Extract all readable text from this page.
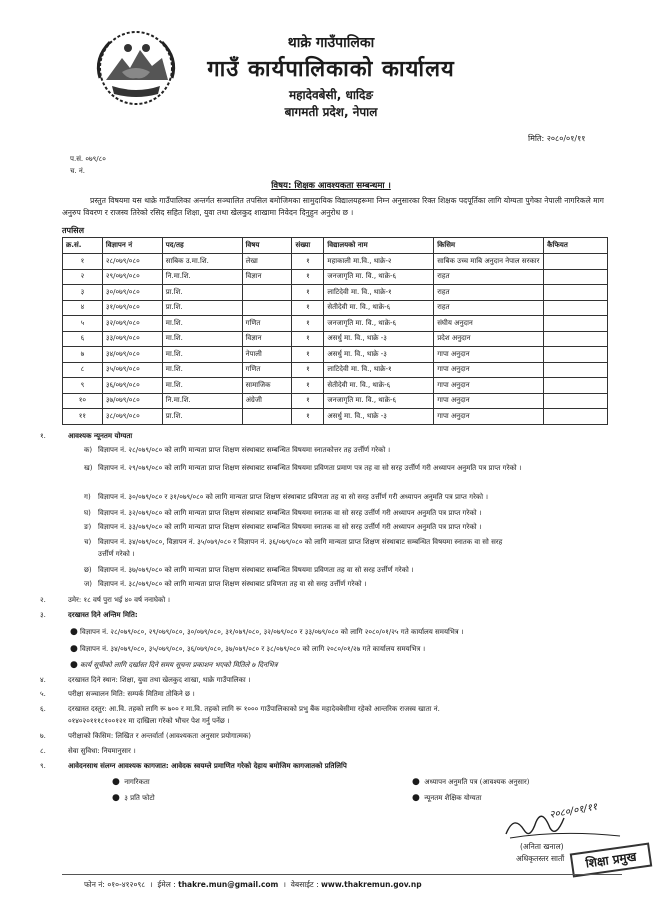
थाक्रे गाउँपालिका
गाउँ कार्यपालिकाको कार्यालय
महादेवबेसी, धादिङ
बागमती प्रदेश, नेपाल
मिति: २०८०/०१/११
प.सं. ०७९/८०
च. नं.
विषय: शिक्षक आवश्यकता सम्बन्धमा ।
प्रस्तुत विषयमा यस थाक्रे गाउँपालिका अन्तर्गत सञ्चालित तपसिल बमोजिमका सामुदायिक विद्यालयहरूमा निम्न अनुसारका रिक्त शिक्षक पदपूर्तिका लागि योग्यता पुगेका नेपाली नागरिकले माग अनुरुप विवरण र राजस्व तिरेको रसिद सहित शिक्षा, युवा तथा खेलकुद शाखामा निवेदन दिनुहुन अनुरोध छ ।
तपसिल
क्र.सं.	विज्ञापन नं	पद/तह	विषय	संख्या	विद्यालयको नाम	किसिम	कैफियत
१	२८/०७९/०८०	साबिक उ.मा.शि.	लेखा	१	महाकाली मा.वि., थाक्रे-२	साबिक उच्च माबि अनुदान नेपाल सरकार	
२	२९/०७९/०८०	नि.मा.शि.	विज्ञान	१	जनजागृति मा. वि., थाक्रे-६	राहत	
३	३०/०७९/०८०	प्रा.शि.		१	लाटिदेवी मा. वि., थाक्रे-१	राहत	
४	३१/०७९/०८०	प्रा.शि.		१	सेतीदेवी मा. वि., थाक्रे-६	राहत	
५	३२/०७९/०८०	मा.शि.	गणित	१	जनजागृति मा. वि., थाक्रे-६	संघीय अनुदान	
६	३३/०७९/०८०	मा.शि.	विज्ञान	१	असर्धु मा. वि., थाक्रे -३	प्रदेश अनुदान	
७	३४/०७९/०८०	मा.शि.	नेपाली	१	असर्धु मा. वि., थाक्रे -३	गापा अनुदान	
८	३५/०७९/०८०	मा.शि.	गणित	१	लाटिदेवी मा. वि., थाक्रे-१	गापा अनुदान	
९	३६/०७९/०८०	मा.शि.	सामाजिक	१	सेतीदेवी मा. वि., थाक्रे-६	गापा अनुदान	
१०	३७/०७९/०८०	नि.मा.शि.	अंग्रेजी	१	जनजागृति मा. वि., थाक्रे-६	गापा अनुदान	
११	३८/०७९/०८०	प्रा.शि.		१	असर्धु मा. वि., थाक्रे -३	गापा अनुदान	
१.	आवश्यक न्यूनतम योग्यता
क) विज्ञापन नं. २८/०७९/०८० को लागि मान्यता प्राप्त शिक्षण संस्थाबाट सम्बन्धित विषयमा स्नातकोत्तर तह उर्त्तीर्ण गरेको ।
ख) विज्ञापन नं. २९/०७९/०८० को लागि मान्यता प्राप्त शिक्षण संस्थाबाट सम्बन्धित विषयमा प्रविणता प्रमाण पत्र तह वा सो सरह उर्त्तीर्ण गरी अध्यापन अनुमति पत्र प्राप्त गरेको ।
ग) विज्ञापन नं. ३०/०७९/०८० र ३१/०७९/०८० को लागि मान्यता प्राप्त शिक्षण संस्थाबाट प्रविणता तह वा सो सरह उर्त्तीर्ण गरी अध्यापन अनुमति पत्र प्राप्त गरेको ।
घ) विज्ञापन नं. ३२/०७९/०८० को लागि मान्यता प्राप्त शिक्षण संस्थाबाट सम्बन्धित विषयमा स्नातक वा सो सरह उर्त्तीर्ण गरी अध्यापन अनुमति पत्र प्राप्त गरेको ।
ङ) विज्ञापन नं. ३३/०७९/०८० को लागि मान्यता प्राप्त शिक्षण संस्थाबाट सम्बन्धित विषयमा स्नातक वा सो सरह उर्त्तीर्ण गरी अध्यापन अनुमति पत्र प्राप्त गरेको ।
च) विज्ञापन नं. ३४/०७९/०८०, विज्ञापन नं. ३५/०७९/०८० र विज्ञापन नं. ३६/०७९/०८० को लागि मान्यता प्राप्त शिक्षण संस्थाबाट सम्बन्धित विषयमा स्नातक वा सो सरह
उर्त्तीर्ण गरेको ।
छ) विज्ञापन नं. ३७/०७९/०८० को लागि मान्यता प्राप्त शिक्षण संस्थाबाट सम्बन्धित विषयमा प्रविणता तह वा सो सरह उर्त्तीर्ण गरेको ।
ज) विज्ञापन नं. ३८/०७९/०८० को लागि मान्यता प्राप्त शिक्षण संस्थाबाट प्रविणता तह वा सो सरह उर्त्तीर्ण गरेको ।
२.	उमेर: १८ वर्ष पुरा भई ४० वर्ष ननाघेको ।
३.	दरखास्त दिने अन्तिम मिति:
● विज्ञापन नं. २८/०७९/०८०, २९/०७९/०८०, ३०/०७९/०८०, ३१/०७९/०८०, ३२/०७९/०८० र ३३/०७९/०८० को लागि २०८०/०१/२५ गते कार्यालय समयभित्र ।
● विज्ञापन नं. ३४/०७९/०८०, ३५/०७९/०८०, ३६/०७९/०८०, ३७/०७९/०८० र ३८/०७९/०८० को लागि २०८०/०१/२७ गते कार्यालय समयभित्र ।
● कार्य सूचीको लागि दर्खास्त दिने समय सूचना प्रकाशन भएको मितिले ७ दिनभित्र
४.	दरखास्त दिने स्थान: शिक्षा, युवा तथा खेलकुद शाखा, थाक्रे गाउँपालिका ।
५.	परीक्षा सञ्चालन मिति: सम्पर्क मितिमा तोकिने छ ।
६.	दरखास्त दस्तुर: आ.वि. तहको लागि रू ७०० र मा.वि. तहको लागि रू १००० गाउँपालिकाको प्रभु बैंक महादेवबेसीमा रहेको आन्तरिक राजस्व खाता नं.
०१४०२०१११८१००१२१ मा दाखिला गरेको भौचर पेश गर्नु पर्नेछ ।
७.	परीक्षाको किसिम: लिखित र अन्तर्वार्ता (आवश्यकता अनुसार प्रयोगात्मक)
८.	सेवा सुविधा: नियमानुसार ।
९.	आवेदनसाथ संलग्न आवश्यक कागजात: आवेदक स्वयम्ले प्रमाणित गरेको देहाय बमोजिम कागजातको प्रतिलिपि
● नागरिकता
● ३ प्रति फोटो
● अध्यापन अनुमति पत्र (आवश्यक अनुसार)
● न्यूनतम शैक्षिक योग्यता
२०८०/०१/११
(अनिता खनाल)
अधिकृतस्तर सातौं	शिक्षा प्रमुख
फोन नं: ०१०-४१२०९८  ।  ईमेल : thakre.mun@gmail.com  ।  वेबसाईट : www.thakremun.gov.np
